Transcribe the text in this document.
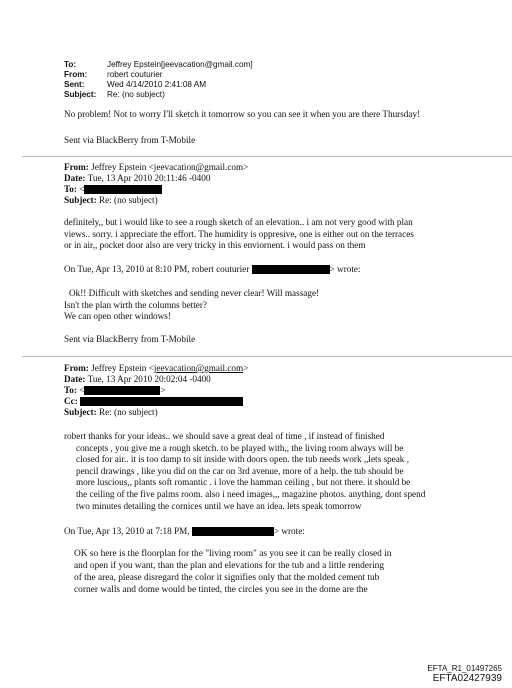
To:	Jeffrey Epstein[jeevacation@gmail.com]
From: robert couturier
Sent:	Wed 4/14/2010 2:41:08 AM
Subject: Re: (no subject)
No problem! Not to worry I'll sketch it tomorrow so you can see it when you are there Thursday!
Sent via BlackBerry from T-Mobile
From: Jeffrey Epstein <jeevacation@gmail.com>
Date: Tue, 13 Apr 2010 20:11:46 -0400
To: <
Subject: Re: (no subject)
definitely,, but i would like to see a rough sketch of an elevation.. i am not very good with plan
views.. sorry. i appreciate the effort. The humidity is oppresive, one is either out on the terraces
or in air,, pocket door also are very tricky in this enviornent. i would pass on them
On Tue, Apr 13, 2010 at 8:10 PM, robert couturier	> wrote:
Ok!! Difficult with sketches and sending never clear! Will massage!
Isn't the plan wirth the columns better?
We can open other windows!
Sent via BlackBerry from T-Mobile
From: Jeffrey Epstein <jeevacation@gmail.com>
Date: Tue, 13 Apr 2010 20:02:04 -0400
To: <	>
Cc:
Subject: Re: (no subject)
robert thanks for your ideas.. we should save a great deal of time , if instead of finished
concepts , you give me a rough sketch. to be played with,, the living room always will be
closed for air.. it is too damp to sit inside with doors open. the tub needs work ,,lets speak ,
pencil drawings , like you did on the car on 3rd avenue, more of a help. the tub should be
more luscious,, plants soft romantic . i love the hamman ceiling , but not there. it should be
the ceiling of the five palms room. also i need images,,, magazine photos. anything, dont spend
two minutes detailing the cornices until we have an idea. lets speak tomorrow
On Tue, Apr 13, 2010 at 7:18 PM,	> wrote:
OK so here is the floorplan for the "living room" as you see it can be really closed in
and open if you want, than the plan and elevations for the tub and a little rendering
of the area, please disregard the color it signifies only that the molded cement tub
corner walls and dome would be tinted, the circles you see in the dome are the
EFTA_R1_01497265
EFTA02427939
